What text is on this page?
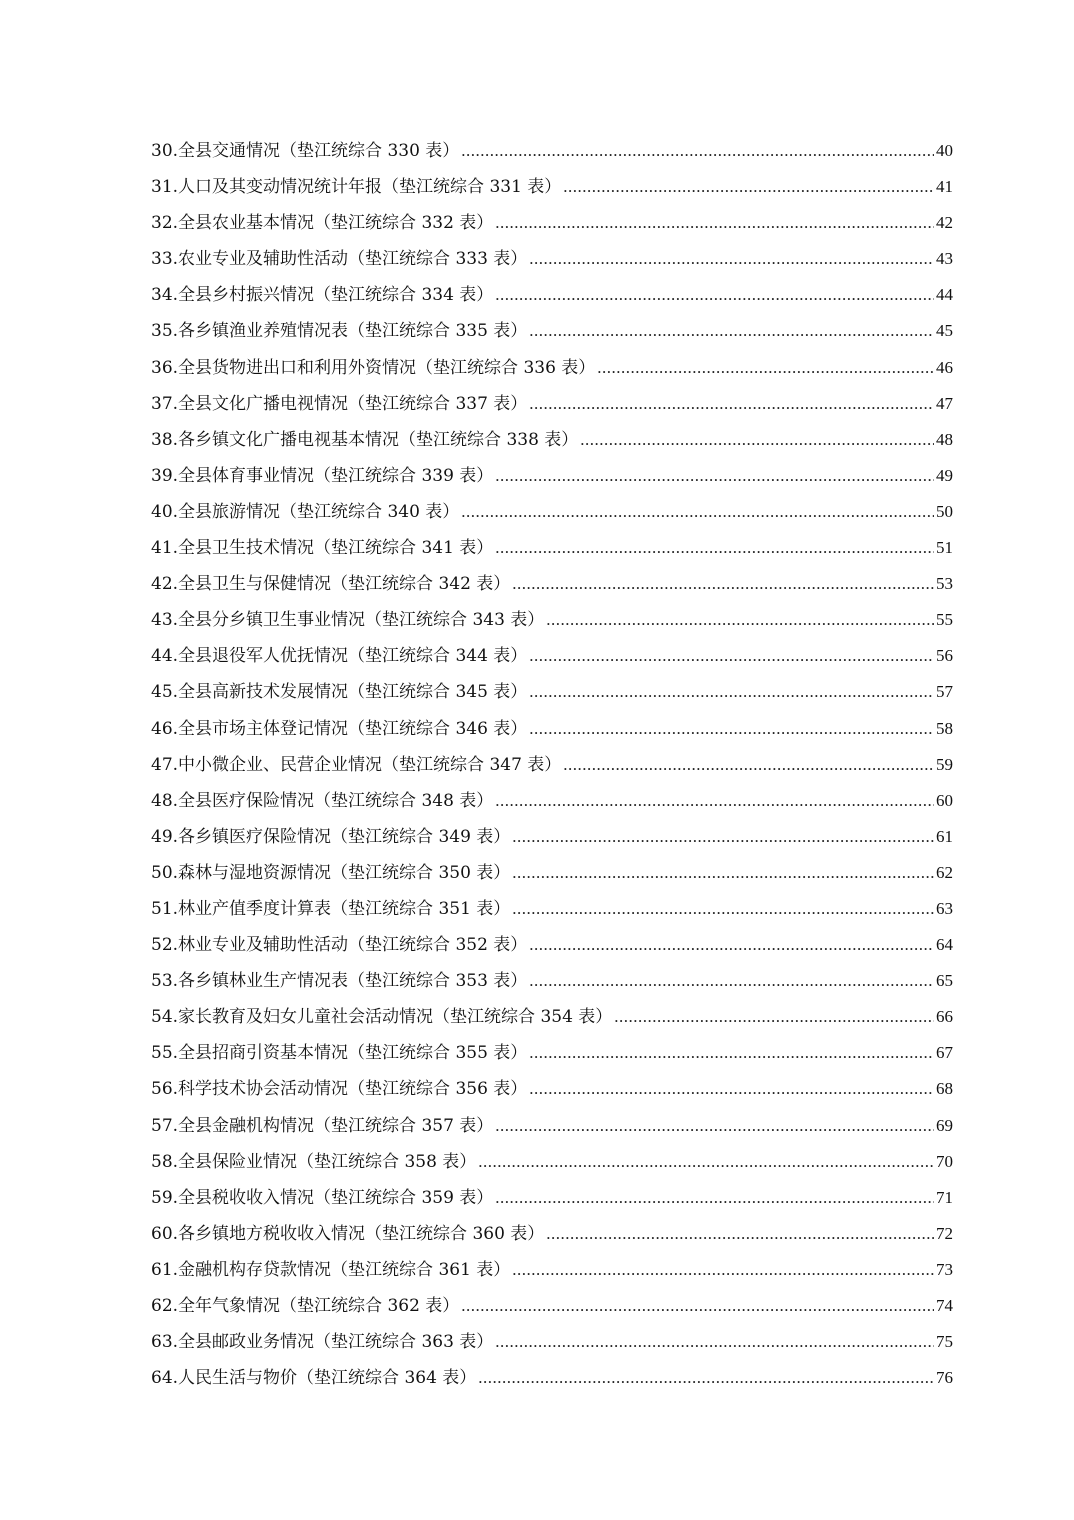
30.全县交通情况（垫江统综合 330 表） .....	40
31.人口及其变动情况统计年报（垫江统综合 331 表） .....	41
32.全县农业基本情况（垫江统综合 332 表） .....	42
33.农业专业及辅助性活动（垫江统综合 333 表） .....	43
34.全县乡村振兴情况（垫江统综合 334 表） .....	44
35.各乡镇渔业养殖情况表（垫江统综合 335 表） .....	45
36.全县货物进出口和利用外资情况（垫江统综合 336 表） .....	46
37.全县文化广播电视情况（垫江统综合 337 表） .....	47
38.各乡镇文化广播电视基本情况（垫江统综合 338 表） .....	48
39.全县体育事业情况（垫江统综合 339 表） .....	49
40.全县旅游情况（垫江统综合 340 表） .....	50
41.全县卫生技术情况（垫江统综合 341 表） .....	51
42.全县卫生与保健情况（垫江统综合 342 表） .....	53
43.全县分乡镇卫生事业情况（垫江统综合 343 表） .....	55
44.全县退役军人优抚情况（垫江统综合 344 表） .....	56
45.全县高新技术发展情况（垫江统综合 345 表） .....	57
46.全县市场主体登记情况（垫江统综合 346 表） .....	58
47.中小微企业、民营企业情况（垫江统综合 347 表） .....	59
48.全县医疗保险情况（垫江统综合 348 表） .....	60
49.各乡镇医疗保险情况（垫江统综合 349 表） .....	61
50.森林与湿地资源情况（垫江统综合 350 表） .....	62
51.林业产值季度计算表（垫江统综合 351 表） .....	63
52.林业专业及辅助性活动（垫江统综合 352 表） .....	64
53.各乡镇林业生产情况表（垫江统综合 353 表） .....	65
54.家长教育及妇女儿童社会活动情况（垫江统综合 354 表） .....	66
55.全县招商引资基本情况（垫江统综合 355 表） .....	67
56.科学技术协会活动情况（垫江统综合 356 表） .....	68
57.全县金融机构情况（垫江统综合 357 表） .....	69
58.全县保险业情况（垫江统综合 358 表） .....	70
59.全县税收收入情况（垫江统综合 359 表） .....	71
60.各乡镇地方税收收入情况（垫江统综合 360 表） .....	72
61.金融机构存贷款情况（垫江统综合 361 表） .....	73
62.全年气象情况（垫江统综合 362 表） .....	74
63.全县邮政业务情况（垫江统综合 363 表） .....	75
64.人民生活与物价（垫江统综合 364 表） .....	76
